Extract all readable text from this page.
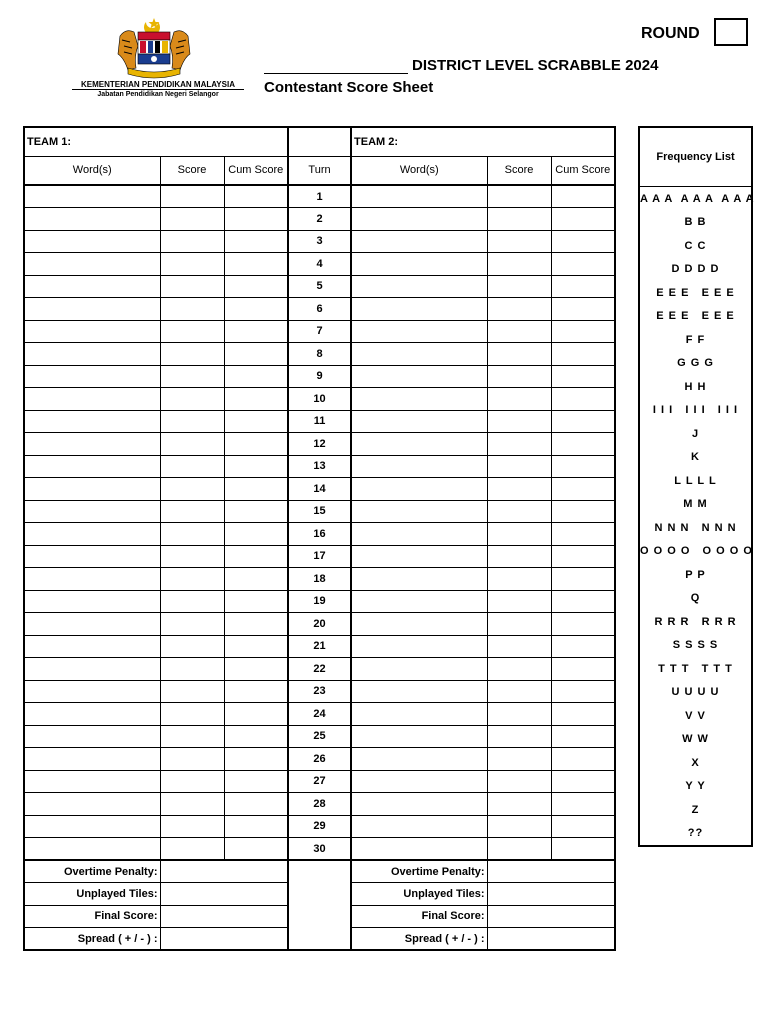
KEMENTERIAN PENDIDIKAN MALAYSIA
Jabatan Pendidikan Negeri Selangor
DISTRICT LEVEL SCRABBLE 2024
Contestant Score Sheet
ROUND
TEAM 1:				TEAM 2:		
Word(s)	Score	Cum Score	Turn	Word(s)	Score	Cum Score
			1			
			2			
			3			
			4			
			5			
			6			
			7			
			8			
			9			
			10			
			11			
			12			
			13			
			14			
			15			
			16			
			17			
			18			
			19			
			20			
			21			
			22			
			23			
			24			
			25			
			26			
			27			
			28			
			29			
			30			
Overtime Penalty:				Overtime Penalty:		
Unplayed Tiles:				Unplayed Tiles:		
Final Score:				Final Score:		
Spread ( + / - ) :				Spread ( + / - ) :		
Frequency List
A A A  A A A  A A A
B B
C C
D D D D
E E E   E E E
E E E   E E E
F F
G G G
H H
I I I   I I I   I I I
J
K
L L L L
M M
N N N   N N N
O O O O   O O O O
P P
Q
R R R   R R R
S S S S
T T T   T T T
U U U U
V V
W W
X
Y Y
Z
??
